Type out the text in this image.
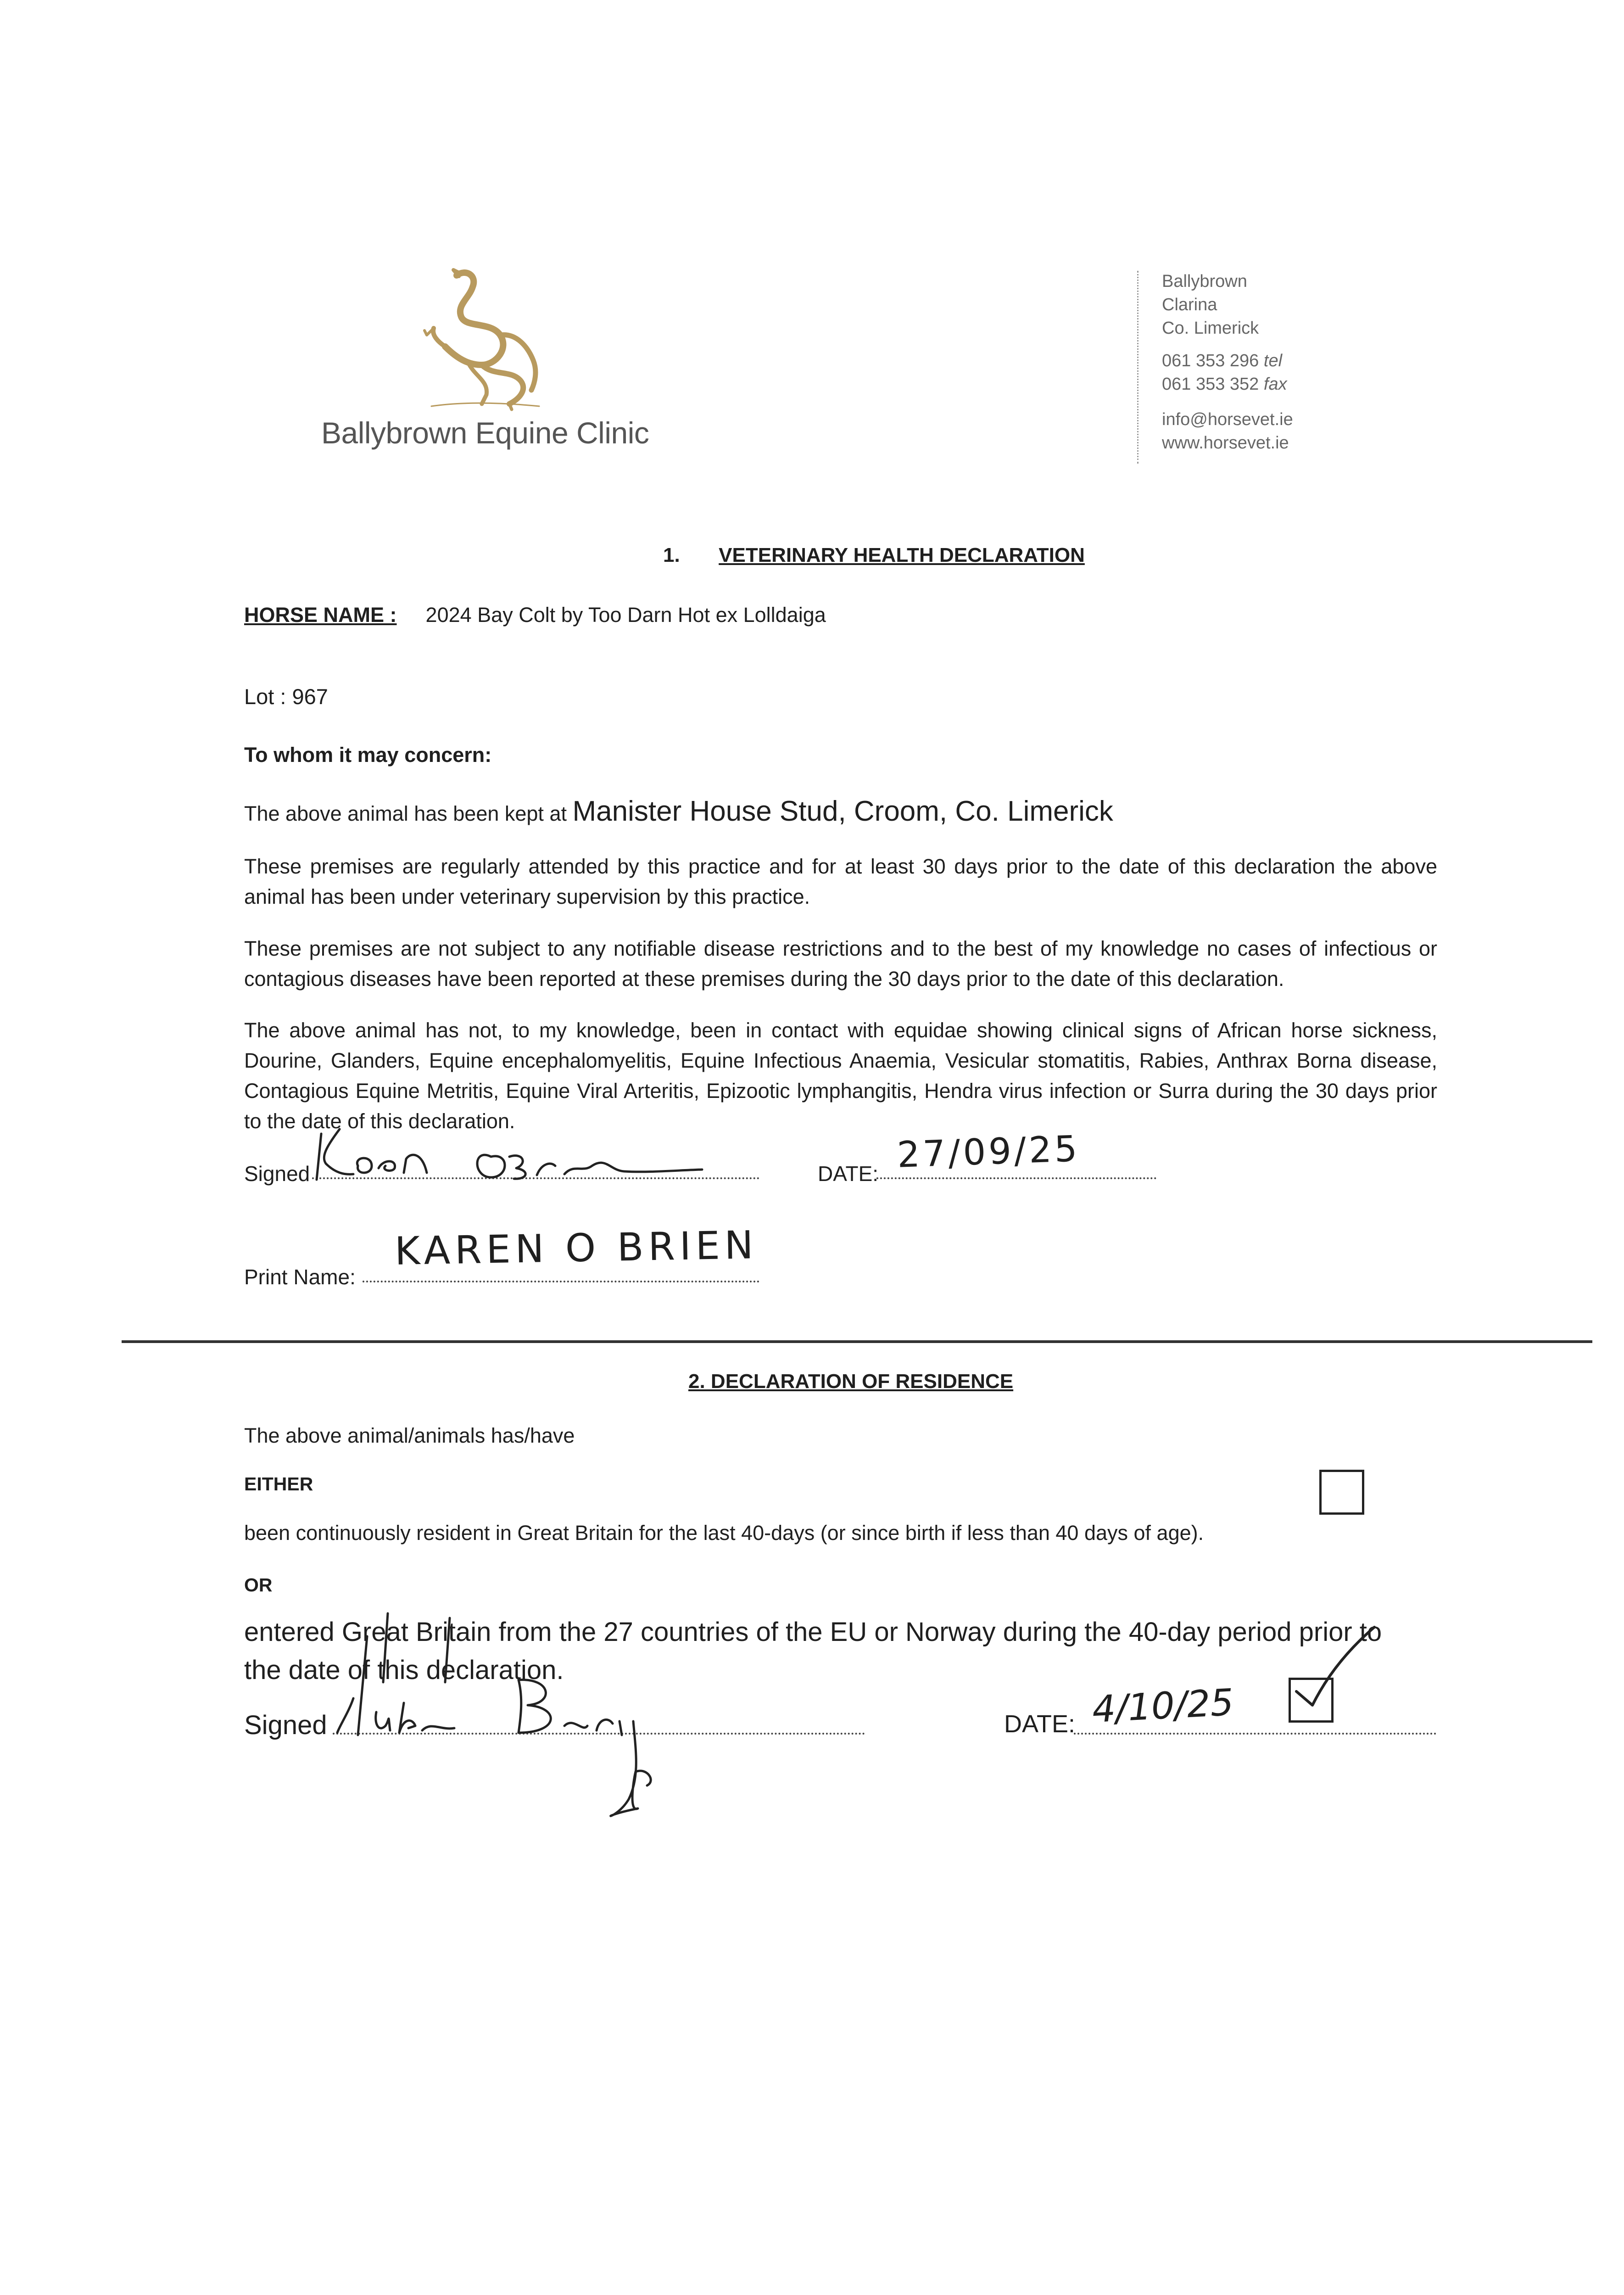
Ballybrown Equine Clinic
Ballybrown
Clarina
Co. Limerick
061 353 296 tel
061 353 352 fax
info@horsevet.ie
www.horsevet.ie
1. VETERINARY HEALTH DECLARATION
HORSE NAME : 2024 Bay Colt by Too Darn Hot ex Lolldaiga
Lot : 967
To whom it may concern:
The above animal has been kept at Manister House Stud, Croom, Co. Limerick
These premises are regularly attended by this practice and for at least 30 days prior to the date of this declaration the above animal has been under veterinary supervision by this practice.
These premises are not subject to any notifiable disease restrictions and to the best of my knowledge no cases of infectious or contagious diseases have been reported at these premises during the 30 days prior to the date of this declaration.
The above animal has not, to my knowledge, been in contact with equidae showing clinical signs of African horse sickness, Dourine, Glanders, Equine encephalomyelitis, Equine Infectious Anaemia, Vesicular stomatitis, Rabies, Anthrax Borna disease, Contagious Equine Metritis, Equine Viral Arteritis, Epizootic lymphangitis, Hendra virus infection or Surra during the 30 days prior to the date of this declaration.
Signed	DATE: 27/09/25
Print Name:
KAREN O BRIEN
2. DECLARATION OF RESIDENCE
The above animal/animals has/have
EITHER
been continuously resident in Great Britain for the last 40-days (or since birth if less than 40 days of age).
OR
entered Great Britain from the 27 countries of the EU or Norway during the 40-day period prior to
the date of this declaration.
Signed	DATE: 4/10/25
